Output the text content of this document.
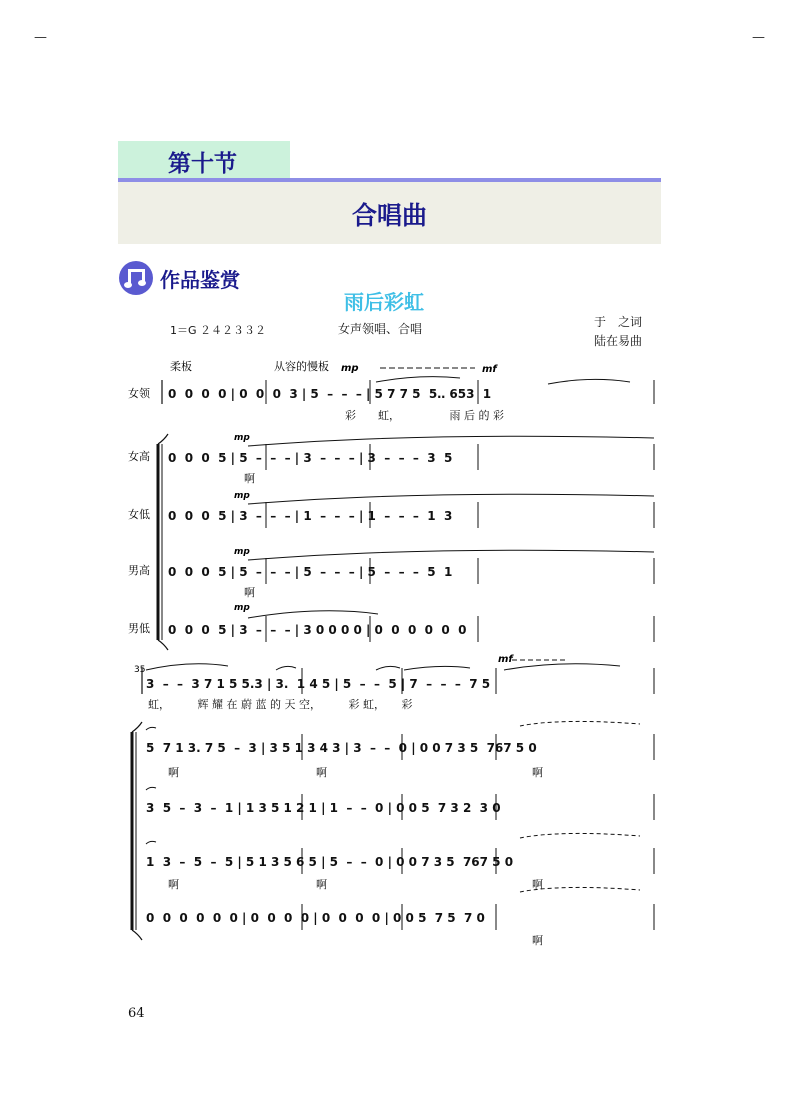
—	—
第十节
合唱曲
作品鉴赏
雨后彩虹
1＝G ２４２３３２	女声领唱、合唱	于　之词
陆在易曲
柔板	从容的慢板 mp	mf
女领
女高
女低
男高
男低
mp
mp
mp
mp
0  0  0  0 | 0  0  0  3 | 5  –  –  – | 5 7 7 5  5‥ 653  1
0  0  0  5 | 5  –  –  – | 3  –  –  – | 3  –  –  –  3  5
0  0  0  5 | 3  –  –  – | 1  –  –  – | 1  –  –  –  1  3
0  0  0  5 | 5  –  –  – | 5  –  –  – | 5  –  –  –  5  1
0  0  0  5 | 3  –  –  – | 3 0 0 0 0 | 0  0  0  0  0  0
彩　　虹，　　　　　雨 后 的 彩
啊
啊
35
mf
3  –  –  3 7 1 5 5.3 | 3.  1 4 5 | 5  –  –  5 | 7  –  –  –  7 5
5  7 1 3. 7 5  –  3 | 3 5 1 3 4 3 | 3  –  –  0 | 0 0 7 3 5  767 5 0
3  5  –  3  –  1 | 1 3 5 1 2 1 | 1  –  –  0 | 0 0 5  7 3 2  3 0
1  3  –  5  –  5 | 5 1 3 5 6 5 | 5  –  –  0 | 0 0 7 3 5  767 5 0
0  0  0  0  0  0 | 0  0  0  0 | 0  0  0  0 | 0 0 5  7 5  7 0
虹，　　　辉 耀 在 蔚 蓝 的 天 空，　　　彩 虹，　　彩
啊	啊	啊
啊	啊	啊
啊
64
